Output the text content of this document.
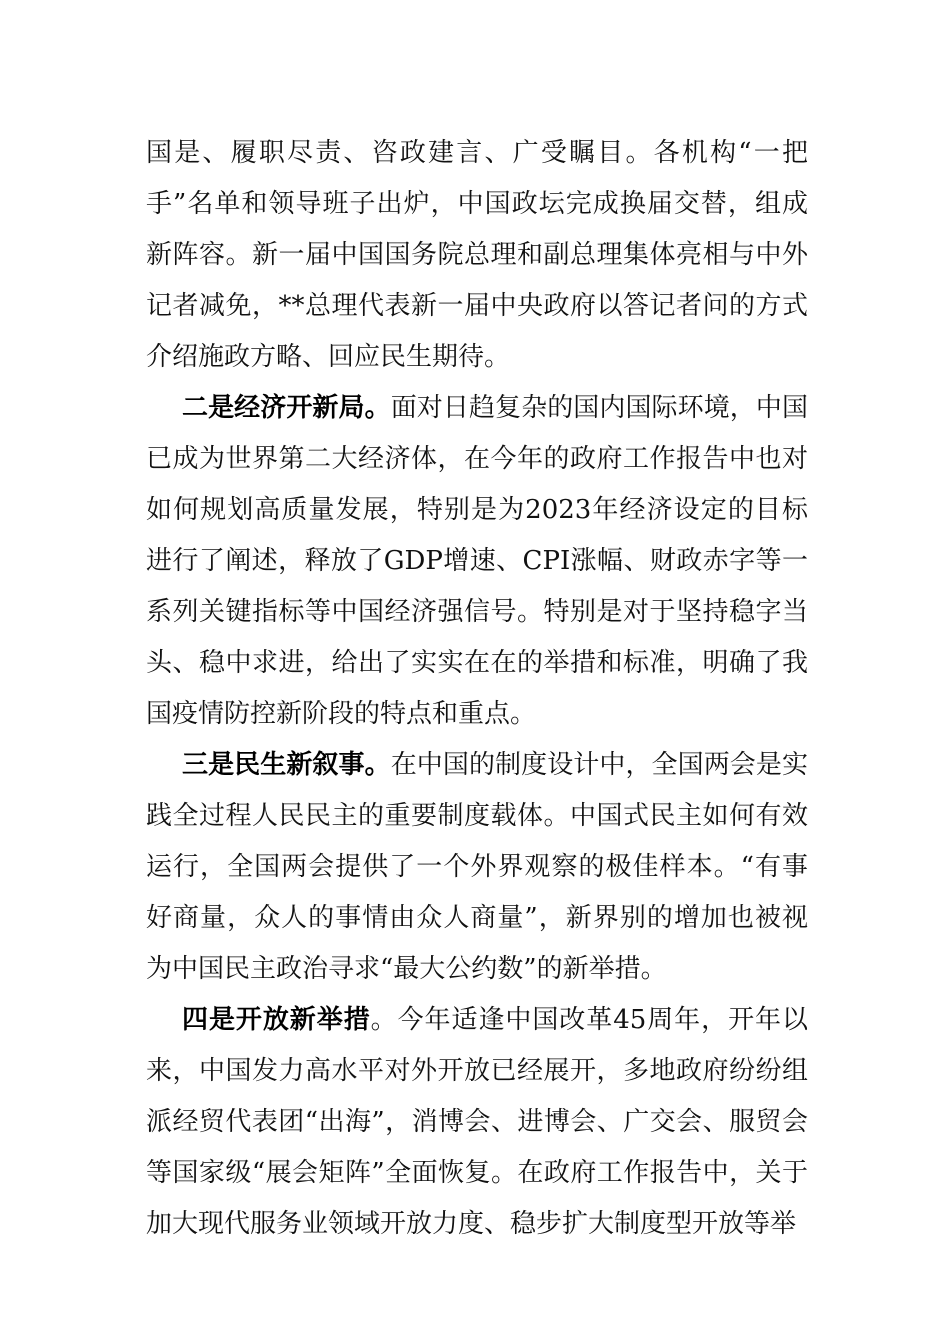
国是、履职尽责、咨政建言、广受瞩目。各机构“一把手”名单和领导班子出炉，中国政坛完成换届交替，组成新阵容。新一届中国国务院总理和副总理集体亮相与中外记者减免，**总理代表新一届中央政府以答记者问的方式介绍施政方略、回应民生期待。

二是经济开新局。面对日趋复杂的国内国际环境，中国已成为世界第二大经济体，在今年的政府工作报告中也对如何规划高质量发展，特别是为2023年经济设定的目标进行了阐述，释放了GDP增速、CPI涨幅、财政赤字等一系列关键指标等中国经济强信号。特别是对于坚持稳字当头、稳中求进，给出了实实在在的举措和标准，明确了我国疫情防控新阶段的特点和重点。

三是民生新叙事。在中国的制度设计中，全国两会是实践全过程人民民主的重要制度载体。中国式民主如何有效运行，全国两会提供了一个外界观察的极佳样本。“有事好商量，众人的事情由众人商量”，新界别的增加也被视为中国民主政治寻求“最大公约数”的新举措。

四是开放新举措。今年适逢中国改革45周年，开年以来，中国发力高水平对外开放已经展开，多地政府纷纷组派经贸代表团“出海”，消博会、进博会、广交会、服贸会等国家级“展会矩阵”全面恢复。在政府工作报告中，关于加大现代服务业领域开放力度、稳步扩大制度型开放等举
